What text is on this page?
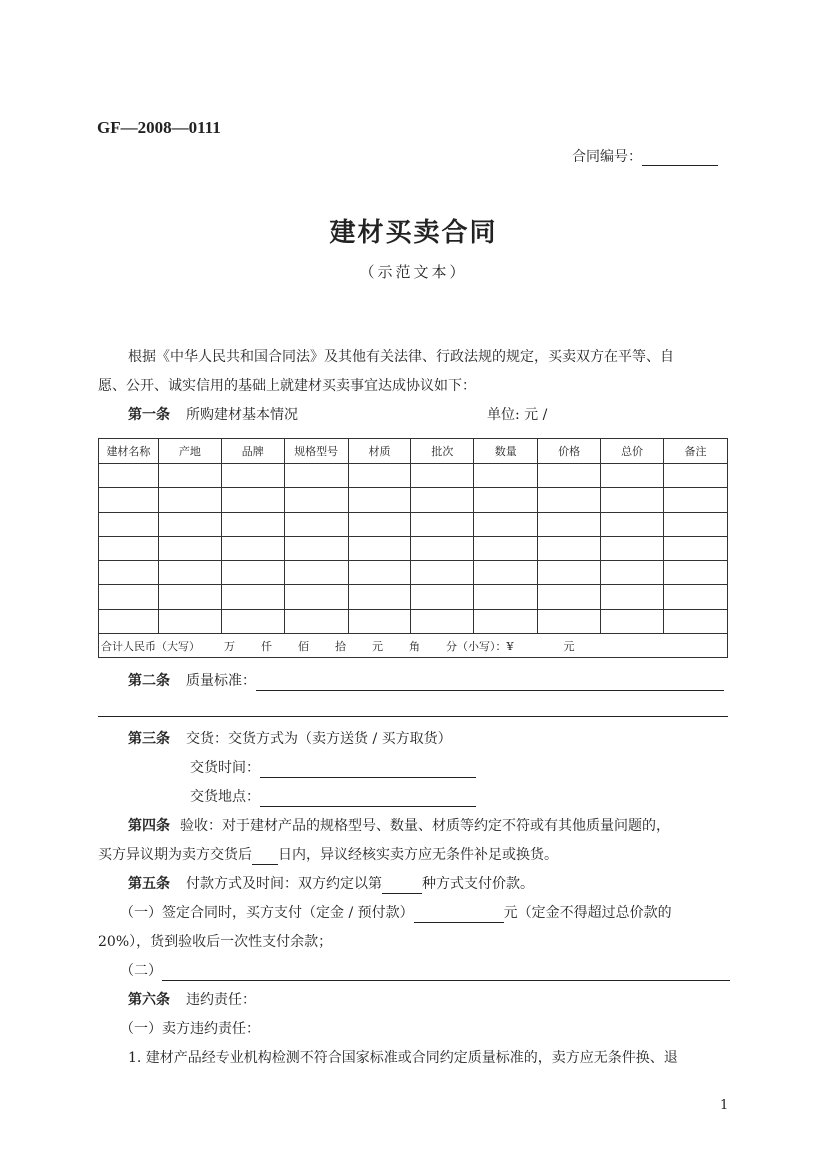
GF—2008—0111
合同编号：
建材买卖合同
（示范文本）
根据《中华人民共和国合同法》及其他有关法律、行政法规的规定，买卖双方在平等、自
愿、公开、诚实信用的基础上就建材买卖事宜达成协议如下：
第一条 所购建材基本情况	单位: 元 /
建材名称	产地	品牌	规格型号	材质	批次	数量	价格	总价	备注

合计人民币（大写） 万 仟 佰 拾 元 角 分（小写）：¥ 元									
第二条 质量标准：
第三条 交货：交货方式为（卖方送货 / 买方取货）
交货时间：
交货地点：
第四条 验收：对于建材产品的规格型号、数量、材质等约定不符或有其他质量问题的，
买方异议期为卖方交货后 日内，异议经核实卖方应无条件补足或换货。
第五条 付款方式及时间：双方约定以第	种方式支付价款。
（一）签定合同时，买方支付（定金 / 预付款）	元（定金不得超过总价款的
20%），货到验收后一次性支付余款；
（二）
第六条 违约责任：
（一）卖方违约责任：
1. 建材产品经专业机构检测不符合国家标准或合同约定质量标准的，卖方应无条件换、退
1
